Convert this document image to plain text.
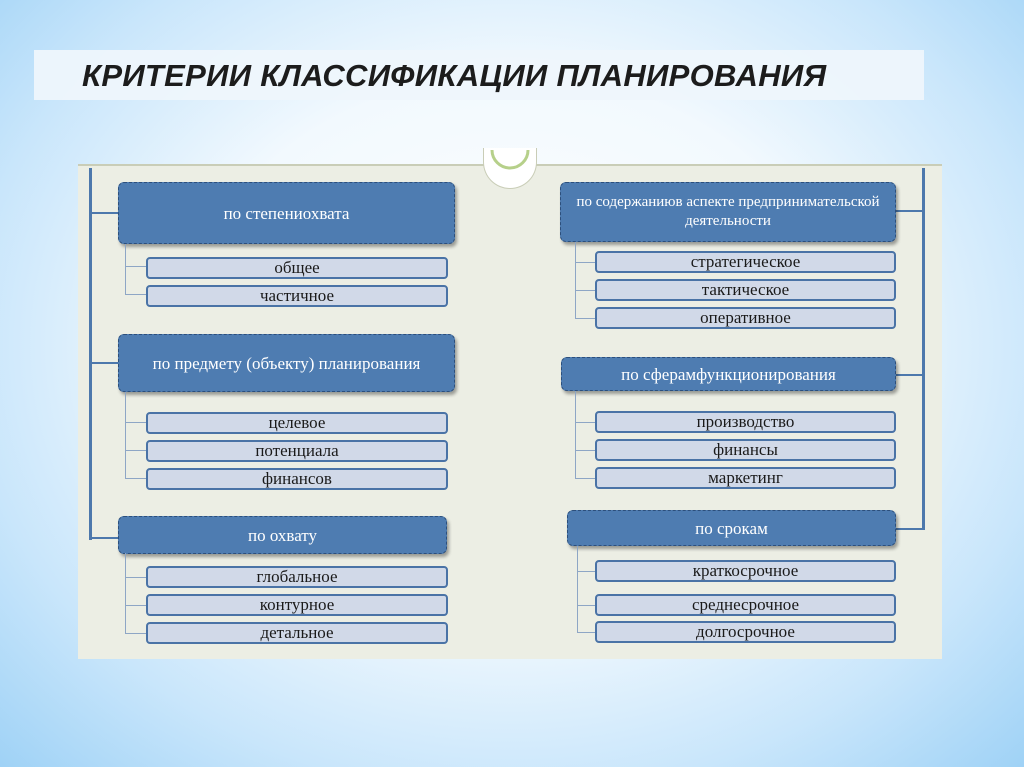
КРИТЕРИИ КЛАССИФИКАЦИИ ПЛАНИРОВАНИЯ
по степениохвата
общее
частичное
по предмету (объекту) планирования
целевое
потенциала
финансов
по охвату
глобальное
контурное
детальное
по содержаниюв аспекте предпринимательской деятельности
стратегическое
тактическое
оперативное
по сферамфункционирования
производство
финансы
маркетинг
по срокам
краткосрочное
среднесрочное
долгосрочное
